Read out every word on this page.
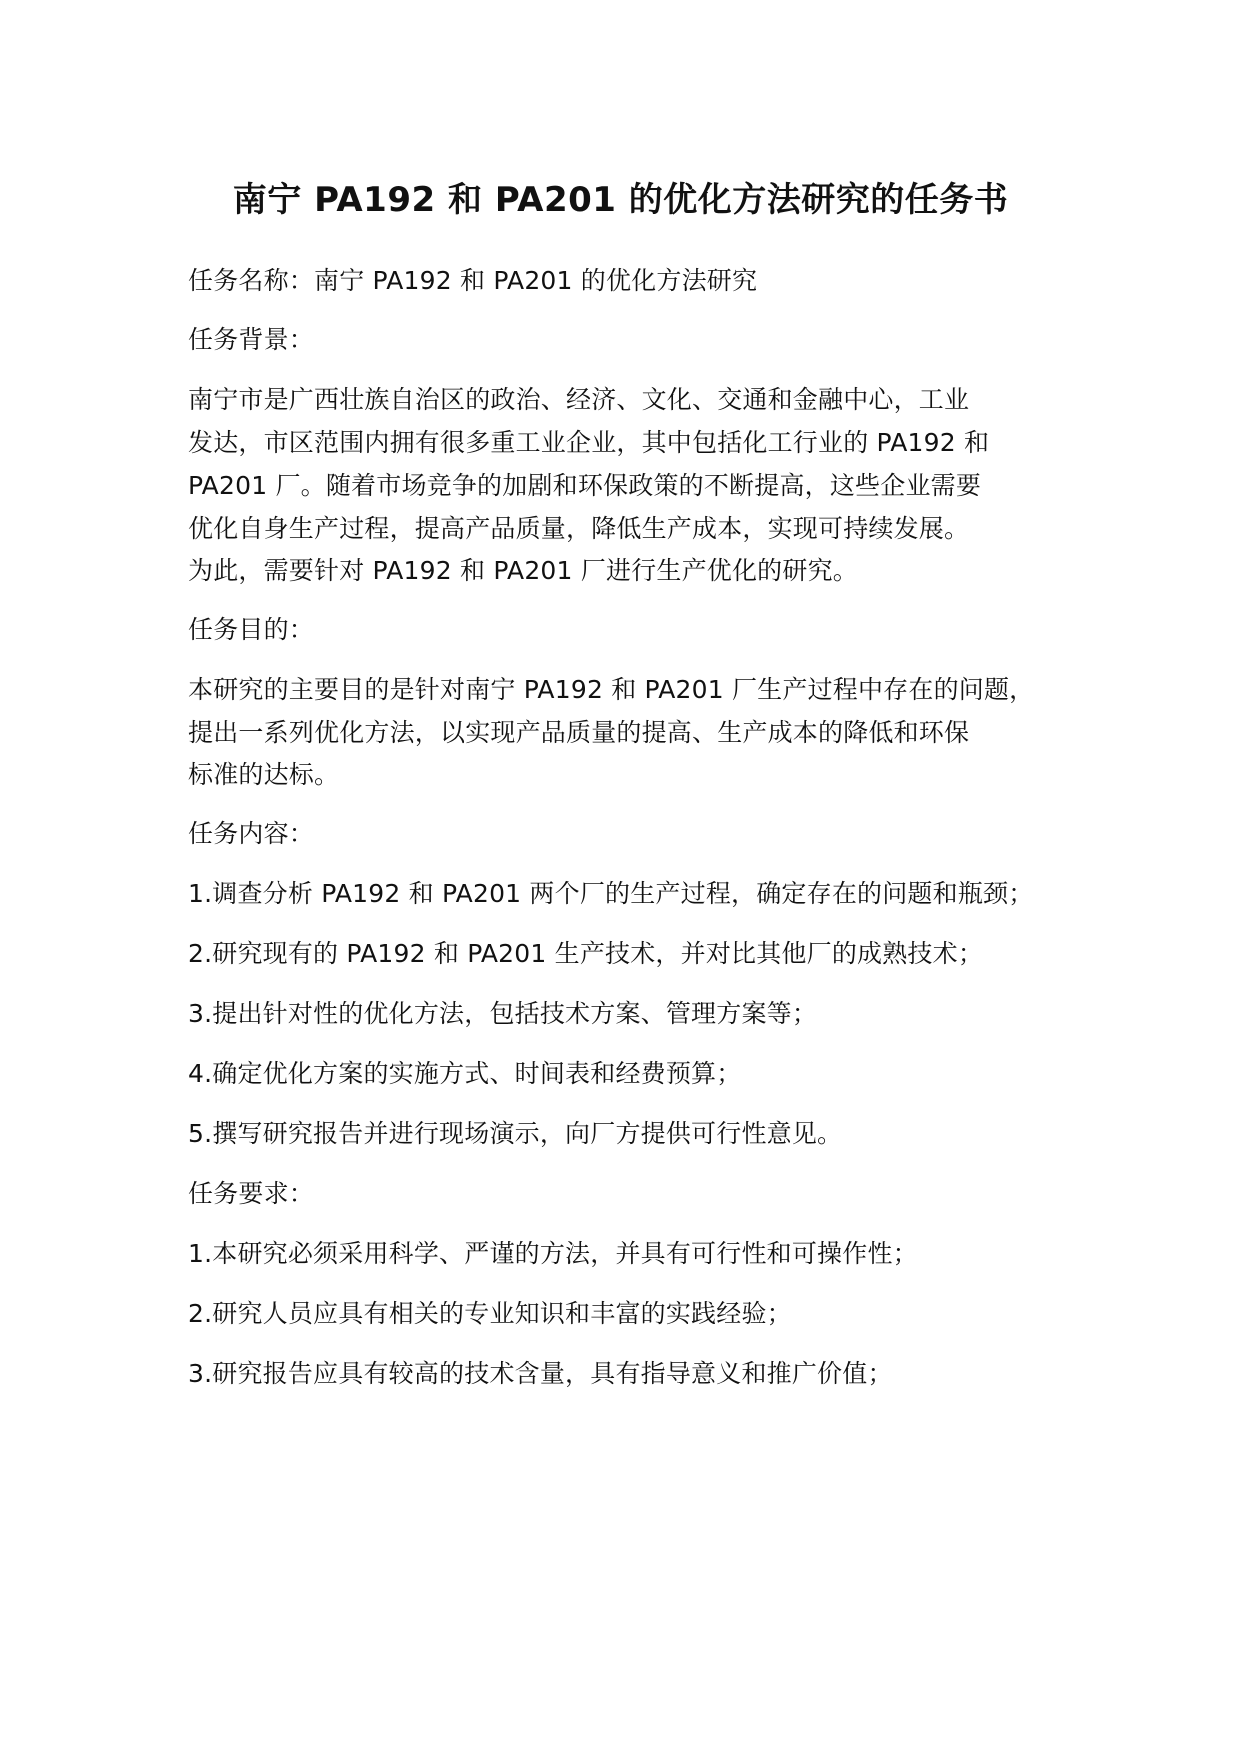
南宁 PA192 和 PA201 的优化方法研究的任务书
任务名称：南宁 PA192 和 PA201 的优化方法研究
任务背景：
南宁市是广西壮族自治区的政治、经济、文化、交通和金融中心，工业
发达，市区范围内拥有很多重工业企业，其中包括化工行业的 PA192 和
PA201 厂。随着市场竞争的加剧和环保政策的不断提高，这些企业需要
优化自身生产过程，提高产品质量，降低生产成本，实现可持续发展。
为此，需要针对 PA192 和 PA201 厂进行生产优化的研究。
任务目的：
本研究的主要目的是针对南宁 PA192 和 PA201 厂生产过程中存在的问题，
提出一系列优化方法，以实现产品质量的提高、生产成本的降低和环保
标准的达标。
任务内容：
1.调查分析 PA192 和 PA201 两个厂的生产过程，确定存在的问题和瓶颈；
2.研究现有的 PA192 和 PA201 生产技术，并对比其他厂的成熟技术；
3.提出针对性的优化方法，包括技术方案、管理方案等；
4.确定优化方案的实施方式、时间表和经费预算；
5.撰写研究报告并进行现场演示，向厂方提供可行性意见。
任务要求：
1.本研究必须采用科学、严谨的方法，并具有可行性和可操作性；
2.研究人员应具有相关的专业知识和丰富的实践经验；
3.研究报告应具有较高的技术含量，具有指导意义和推广价值；
